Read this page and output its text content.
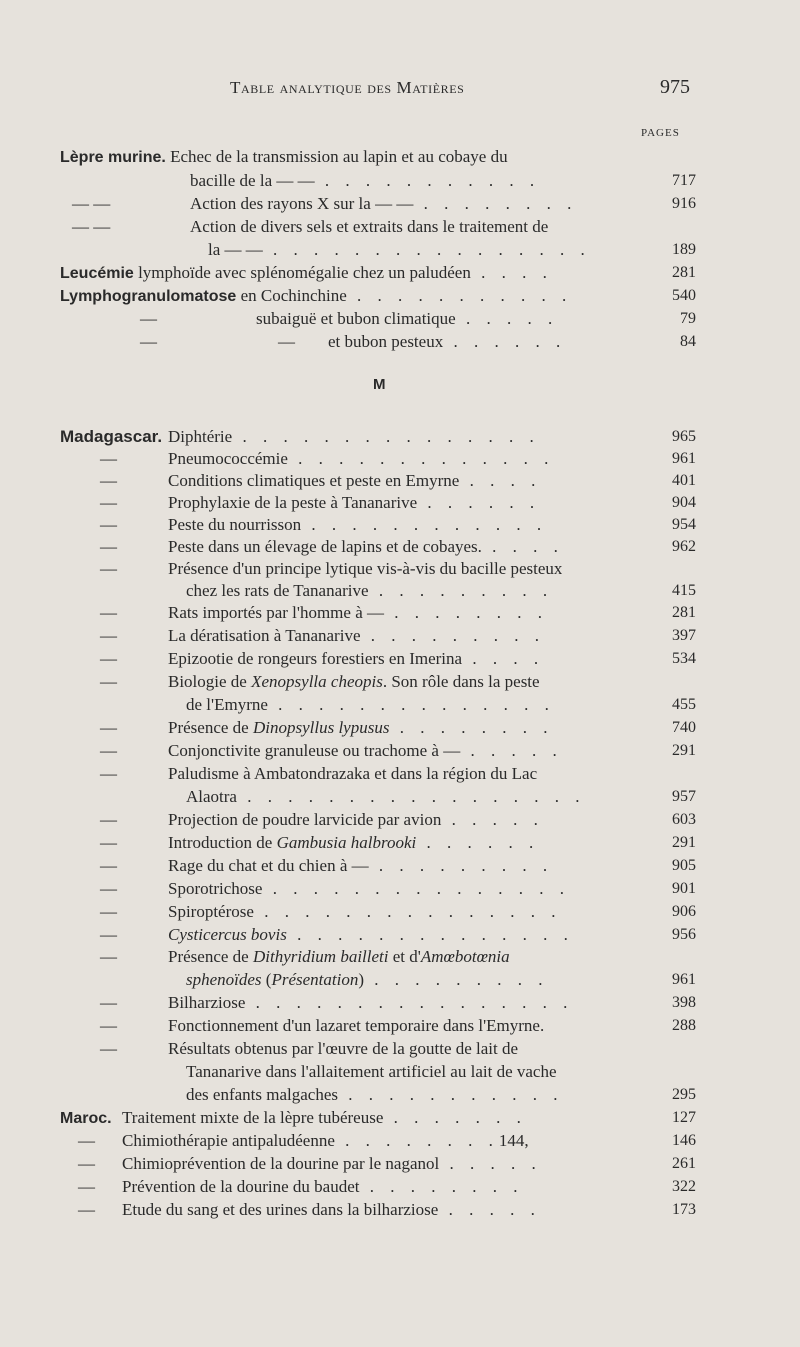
Table analytique des Matières	975
PAGES
Lèpre murine. Echec de la transmission au lapin et au cobaye du
bacille de la — — . . . . . . . . . . .	717
— —	Action des rayons X sur la — — . . . . . . . .	916
— —	Action de divers sels et extraits dans le traitement de
la — — . . . . . . . . . . . . . . . .	189
Leucémie lymphoïde avec splénomégalie chez un paludéen . . . .	281
Lymphogranulomatose en Cochinchine . . . . . . . . . . .	540
—	subaiguë et bubon climatique . . . . .	79
—	— et bubon pesteux . . . . . .	84
M
Madagascar. Diphtérie . . . . . . . . . . . . . . .	965
—	Pneumococcémie . . . . . . . . . . . . .	961
—	Conditions climatiques et peste en Emyrne . . . .	401
—	Prophylaxie de la peste à Tananarive . . . . . .	904
—	Peste du nourrisson . . . . . . . . . . . .	954
—	Peste dans un élevage de lapins et de cobayes. . . . .	962
—	Présence d'un principe lytique vis-à-vis du bacille pesteux
chez les rats de Tananarive . . . . . . . . .	415
—	Rats importés par l'homme à — . . . . . . . .	281
—	La dératisation à Tananarive . . . . . . . . .	397
—	Epizootie de rongeurs forestiers en Imerina . . . .	534
—	Biologie de Xenopsylla cheopis. Son rôle dans la peste
de l'Emyrne . . . . . . . . . . . . . .	455
—	Présence de Dinopsyllus lypusus . . . . . . . .	740
—	Conjonctivite granuleuse ou trachome à — . . . . .	291
—	Paludisme à Ambatondrazaka et dans la région du Lac
Alaotra . . . . . . . . . . . . . . . . .	957
—	Projection de poudre larvicide par avion . . . . .	603
—	Introduction de Gambusia halbrooki . . . . . .	291
—	Rage du chat et du chien à — . . . . . . . . .	905
—	Sporotrichose . . . . . . . . . . . . . . .	901
—	Spiroptérose . . . . . . . . . . . . . . .	906
—	Cysticercus bovis . . . . . . . . . . . . . .	956
—	Présence de Dithyridium bailleti et d'Amœbotœnia
sphenoïdes (Présentation) . . . . . . . . .	961
—	Bilharziose . . . . . . . . . . . . . . . .	398
—	Fonctionnement d'un lazaret temporaire dans l'Emyrne.	288
—	Résultats obtenus par l'œuvre de la goutte de lait de
Tananarive dans l'allaitement artificiel au lait de vache
des enfants malgaches . . . . . . . . . . .	295
Maroc. Traitement mixte de la lèpre tubéreuse . . . . . . .	127
— Chimiothérapie antipaludéenne . . . . . . . .144,	146
— Chimioprévention de la dourine par le naganol . . . . .	261
— Prévention de la dourine du baudet . . . . . . . .	322
— Etude du sang et des urines dans la bilharziose . . . . .	173
